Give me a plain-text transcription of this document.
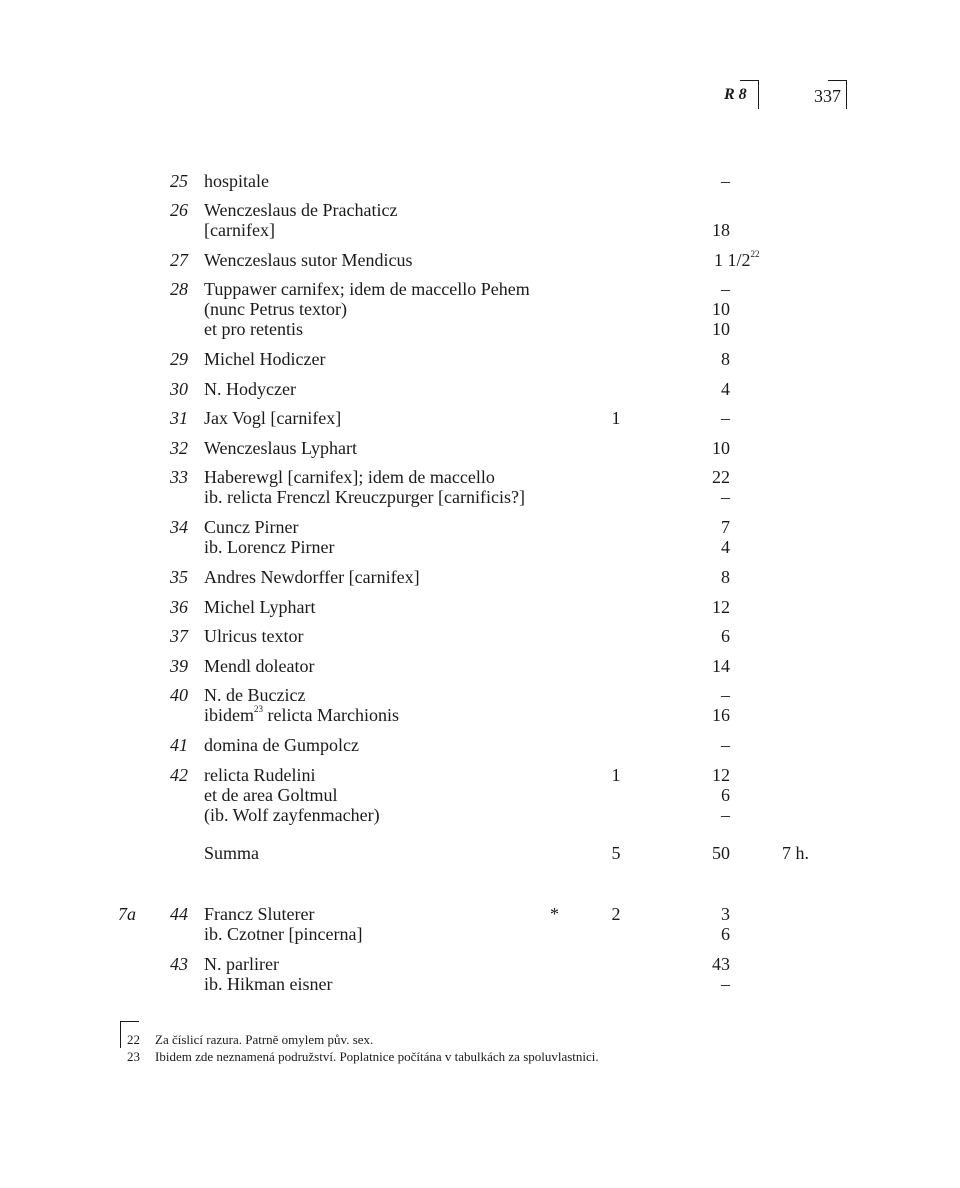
R 8	337
25 hospitale	–
26 Wenczeslaus de Prachaticz
[carnifex]	18
27 Wenczeslaus sutor Mendicus	1 $1/2^{22}$
28 Tuppawer carnifex; idem de maccello Pehem	–
(nunc Petrus textor)	10
et pro retentis	10
29 Michel Hodiczer	8
30 N. Hodyczer	4
31 Jax Vogl [carnifex]	1	–
32 Wenczeslaus Lyphart	10
33 Haberewgl [carnifex]; idem de maccello	22
ib. relicta Frenczl Kreuczpurger [carnificis?]	–
34 Cuncz Pirner	7
ib. Lorencz Pirner	4
35 Andres Newdorffer [carnifex]	8
36 Michel Lyphart	12
37 Ulricus textor	6
39 Mendl doleator	14
40 N. de Buczicz	–
ibidem$^{23}$ relicta Marchionis	16
41 domina de Gumpolcz	–
42 relicta Rudelini	1	12
et de area Goltmul	6
(ib. Wolf zayfenmacher)	–
Summa	5	50	7 h.
7a	44 Francz Sluterer	*	2	3
ib. Czotner [pincerna]	6
43 N. parlirer	43
ib. Hikman eisner	–
22 Za číslicí razura. Patrně omylem pův. sex.
23 Ibidem zde neznamená podružství. Poplatnice počítána v tabulkách za spoluvlastnici.
